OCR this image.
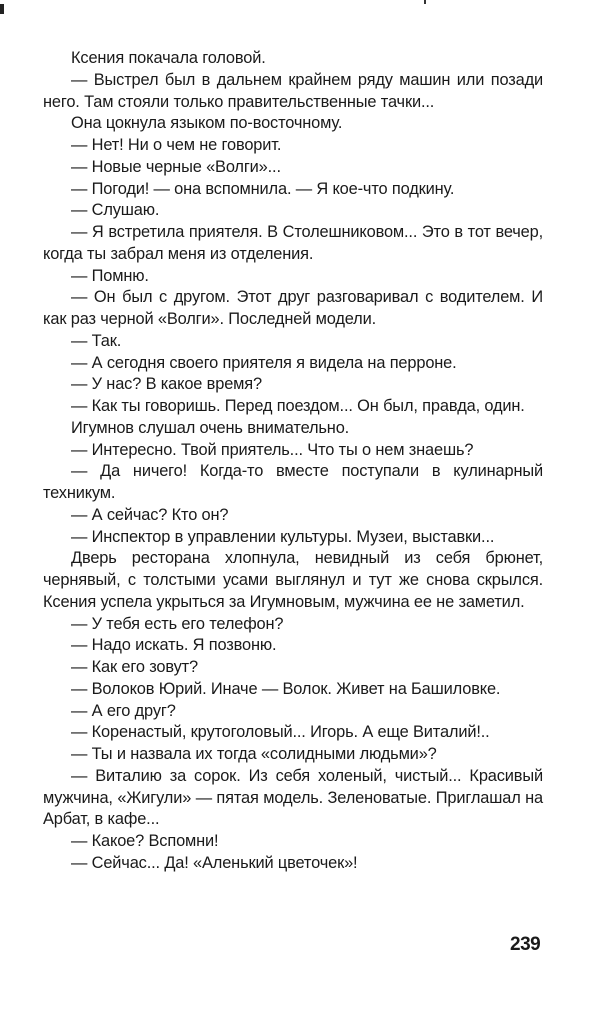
Ксения покачала головой.

— Выстрел был в дальнем крайнем ряду машин или позади него. Там стояли только правительственные тачки...

Она цокнула языком по-восточному.

— Нет! Ни о чем не говорит.

— Новые черные «Волги»...

— Погоди! — она вспомнила. — Я кое-что подкину.

— Слушаю.

— Я встретила приятеля. В Столешниковом... Это в тот вечер, когда ты забрал меня из отделения.

— Помню.

— Он был с другом. Этот друг разговаривал с водителем. И как раз черной «Волги». Последней модели.

— Так.

— А сегодня своего приятеля я видела на перроне.

— У нас? В какое время?

— Как ты говоришь. Перед поездом... Он был, правда, один.

Игумнов слушал очень внимательно.

— Интересно. Твой приятель... Что ты о нем знаешь?

— Да ничего! Когда-то вместе поступали в кулинарный техникум.

— А сейчас? Кто он?

— Инспектор в управлении культуры. Музеи, выставки...

Дверь ресторана хлопнула, невидный из себя брюнет, чернявый, с толстыми усами выглянул и тут же снова скрылся. Ксения успела укрыться за Игумновым, мужчина ее не заметил.

— У тебя есть его телефон?

— Надо искать. Я позвоню.

— Как его зовут?

— Волоков Юрий. Иначе — Волок. Живет на Башиловке.

— А его друг?

— Коренастый, крутоголовый... Игорь. А еще Виталий!..

— Ты и назвала их тогда «солидными людьми»?

— Виталию за сорок. Из себя холеный, чистый... Красивый мужчина, «Жигули» — пятая модель. Зеленоватые. Приглашал на Арбат, в кафе...

— Какое? Вспомни!

— Сейчас... Да! «Аленький цветочек»!

239
